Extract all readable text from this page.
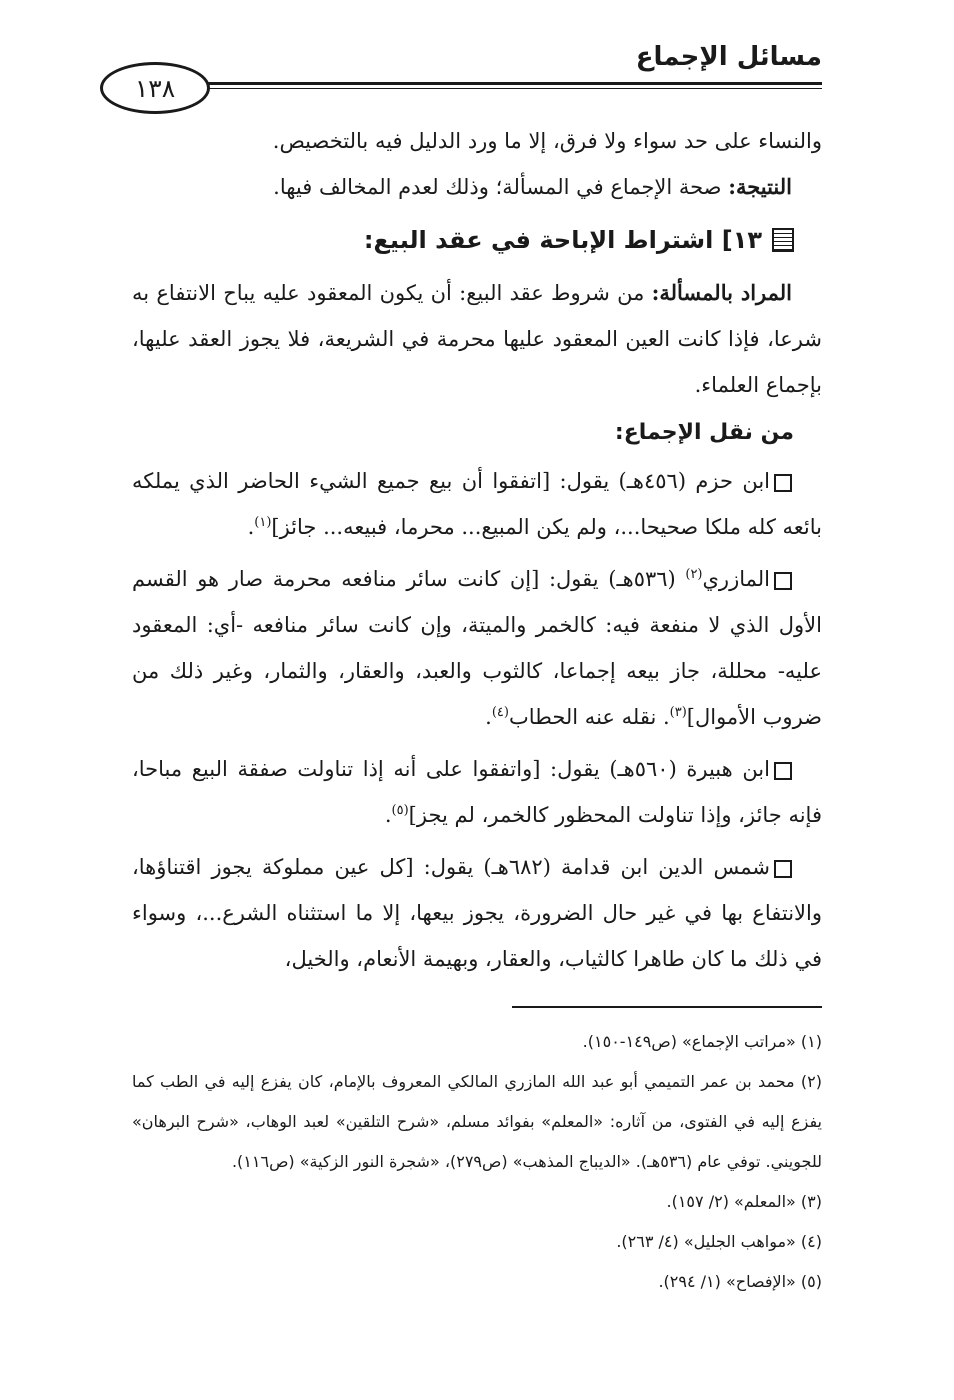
مسائل الإجماع
١٣٨

والنساء على حد سواء ولا فرق، إلا ما ورد الدليل فيه بالتخصيص.

النتيجة: صحة الإجماع في المسألة؛ وذلك لعدم المخالف فيها.

١٣] اشتراط الإباحة في عقد البيع:

المراد بالمسألة: من شروط عقد البيع: أن يكون المعقود عليه يباح الانتفاع به شرعا، فإذا كانت العين المعقود عليها محرمة في الشريعة، فلا يجوز العقد عليها، بإجماع العلماء.

من نقل الإجماع:

ابن حزم (٤٥٦هـ) يقول: [اتفقوا أن بيع جميع الشيء الحاضر الذي يملكه بائعه كله ملكا صحيحا...، ولم يكن المبيع... محرما، فبيعه... جائز]$^{(١)}$.

المازري$^{(٢)}$ (٥٣٦هـ) يقول: [إن كانت سائر منافعه محرمة صار هو القسم الأول الذي لا منفعة فيه: كالخمر والميتة، وإن كانت سائر منافعه -أي: المعقود عليه- محللة، جاز بيعه إجماعا، كالثوب والعبد، والعقار، والثمار، وغير ذلك من ضروب الأموال]$^{(٣)}$. نقله عنه الحطاب$^{(٤)}$.

ابن هبيرة (٥٦٠هـ) يقول: [واتفقوا على أنه إذا تناولت صفقة البيع مباحا، فإنه جائز، وإذا تناولت المحظور كالخمر، لم يجز]$^{(٥)}$.

شمس الدين ابن قدامة (٦٨٢هـ) يقول: [كل عين مملوكة يجوز اقتناؤها، والانتفاع بها في غير حال الضرورة، يجوز بيعها، إلا ما استثناه الشرع...، وسواء في ذلك ما كان طاهرا كالثياب، والعقار، وبهيمة الأنعام، والخيل،

(١) «مراتب الإجماع» (ص١٤٩-١٥٠).

(٢) محمد بن عمر التميمي أبو عبد الله المازري المالكي المعروف بالإمام، كان يفزع إليه في الطب كما يفزع إليه في الفتوى، من آثاره: «المعلم» بفوائد مسلم، «شرح التلقين» لعبد الوهاب، «شرح البرهان» للجويني. توفي عام (٥٣٦هـ). «الديباج المذهب» (ص٢٧٩)، «شجرة النور الزكية» (ص١١٦).

(٣) «المعلم» (٢/ ١٥٧).

(٤) «مواهب الجليل» (٤/ ٢٦٣).

(٥) «الإفصاح» (١/ ٢٩٤).
